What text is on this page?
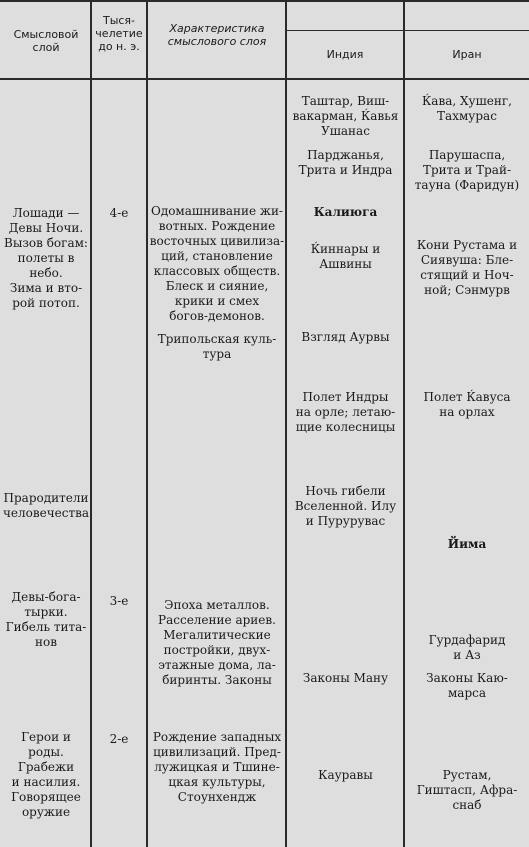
Смысловой
слой
Тыся-
челетие
до н. э.
Характеристика
смыслового слоя
Индия	Иран
Лошади —
Девы Ночи.
Вызов богам:
полеты в
небо.
Зима и вто-
рой потоп.
Прародители
человечества
Девы-бога-
тырки.
Гибель тита-
нов
Герои и роды.
Грабежи
и насилия.
Говорящее
оружие
4-е
3-е
2-е
Одомашнивание жи-
вотных. Рождение
восточных цивилиза-
ций, становление
классовых обществ.
Блеск и сияние,
крики и смех
богов-демонов.
Трипольская куль-
тура
Эпоха металлов.
Расселение ариев.
Мегалитические
постройки, двух-
этажные дома, ла-
биринты. Законы
Рождение западных
цивилизаций. Пред-
лужицкая и Тшине-
цкая культуры,
Стоунхендж
Таштар, Виш-
вакарман, Ќавья
Ушанас
Парджанья,
Трита и Индра
Калиюга
Ќиннары и
Ашвины
Взгляд Аурвы
Полет Индры
на орле; летаю-
щие колесницы
Ночь гибели
Вселенной. Илу
и Пурурувас
Законы Ману
Кауравы
Ќава, Хушенг,
Тахмурас
Парушаспа,
Трита и Трай-
тауна (Фаридун)
Кони Рустама и
Сиявуша: Бле-
стящий и Ноч-
ной; Сэнмурв
Полет Ќавуса
на орлах
Йима
Гурдафарид
и Аз
Законы Каю-
марса
Рустам,
Гиштасп, Афра-
снаб
